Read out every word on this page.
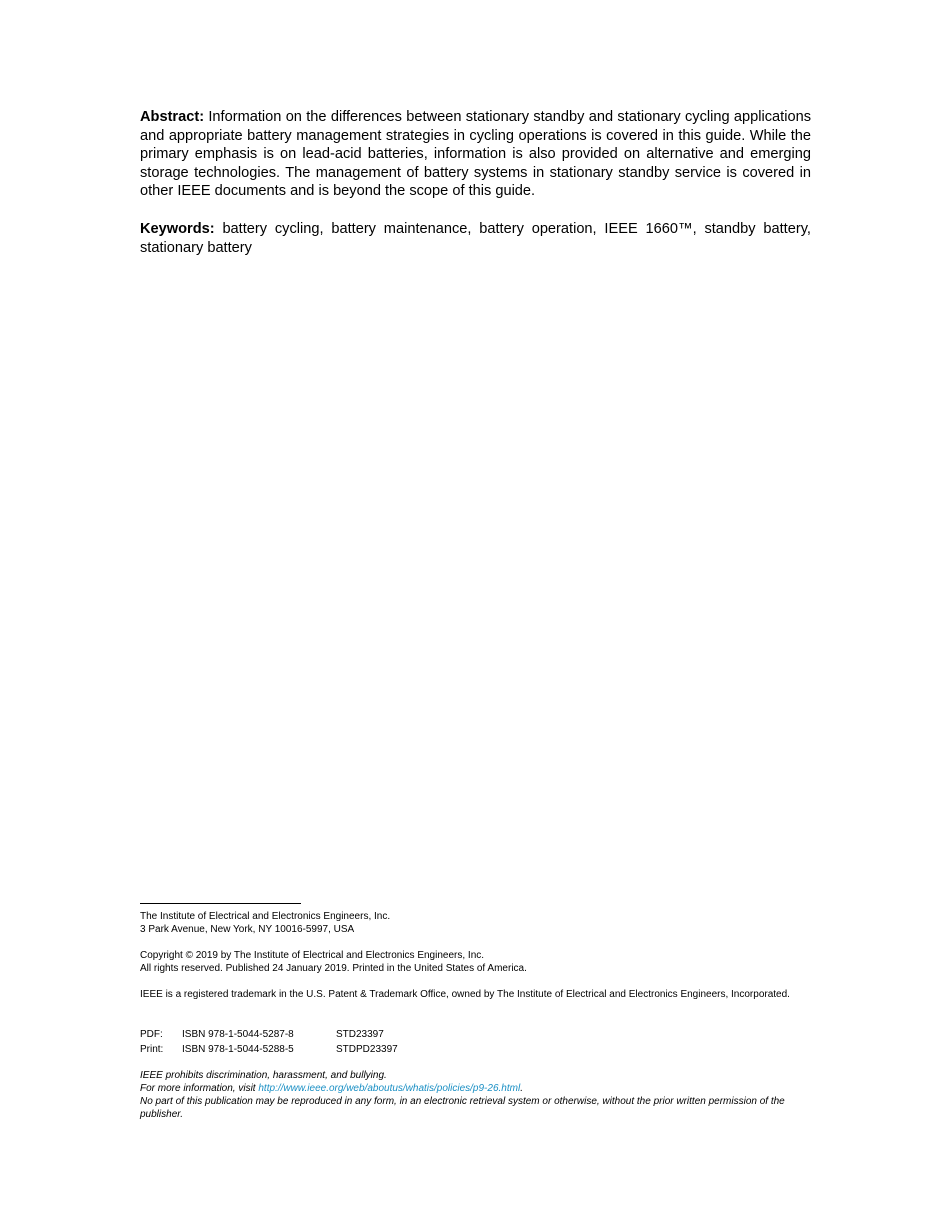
Abstract: Information on the differences between stationary standby and stationary cycling applications and appropriate battery management strategies in cycling operations is covered in this guide. While the primary emphasis is on lead-acid batteries, information is also provided on alternative and emerging storage technologies. The management of battery systems in stationary standby service is covered in other IEEE documents and is beyond the scope of this guide.

Keywords: battery cycling, battery maintenance, battery operation, IEEE 1660™, standby battery, stationary battery

The Institute of Electrical and Electronics Engineers, Inc.

3 Park Avenue, New York, NY 10016-5997, USA

Copyright © 2019 by The Institute of Electrical and Electronics Engineers, Inc.

All rights reserved. Published 24 January 2019. Printed in the United States of America.

IEEE is a registered trademark in the U.S. Patent & Trademark Office, owned by The Institute of Electrical and Electronics Engineers, Incorporated.

PDF:	ISBN 978-1-5044-5287-8	STD23397
Print:	ISBN 978-1-5044-5288-5	STDPD23397

IEEE prohibits discrimination, harassment, and bullying.

For more information, visit http://www.ieee.org/web/aboutus/whatis/policies/p9-26.html.

No part of this publication may be reproduced in any form, in an electronic retrieval system or otherwise, without the prior written permission of the publisher.
